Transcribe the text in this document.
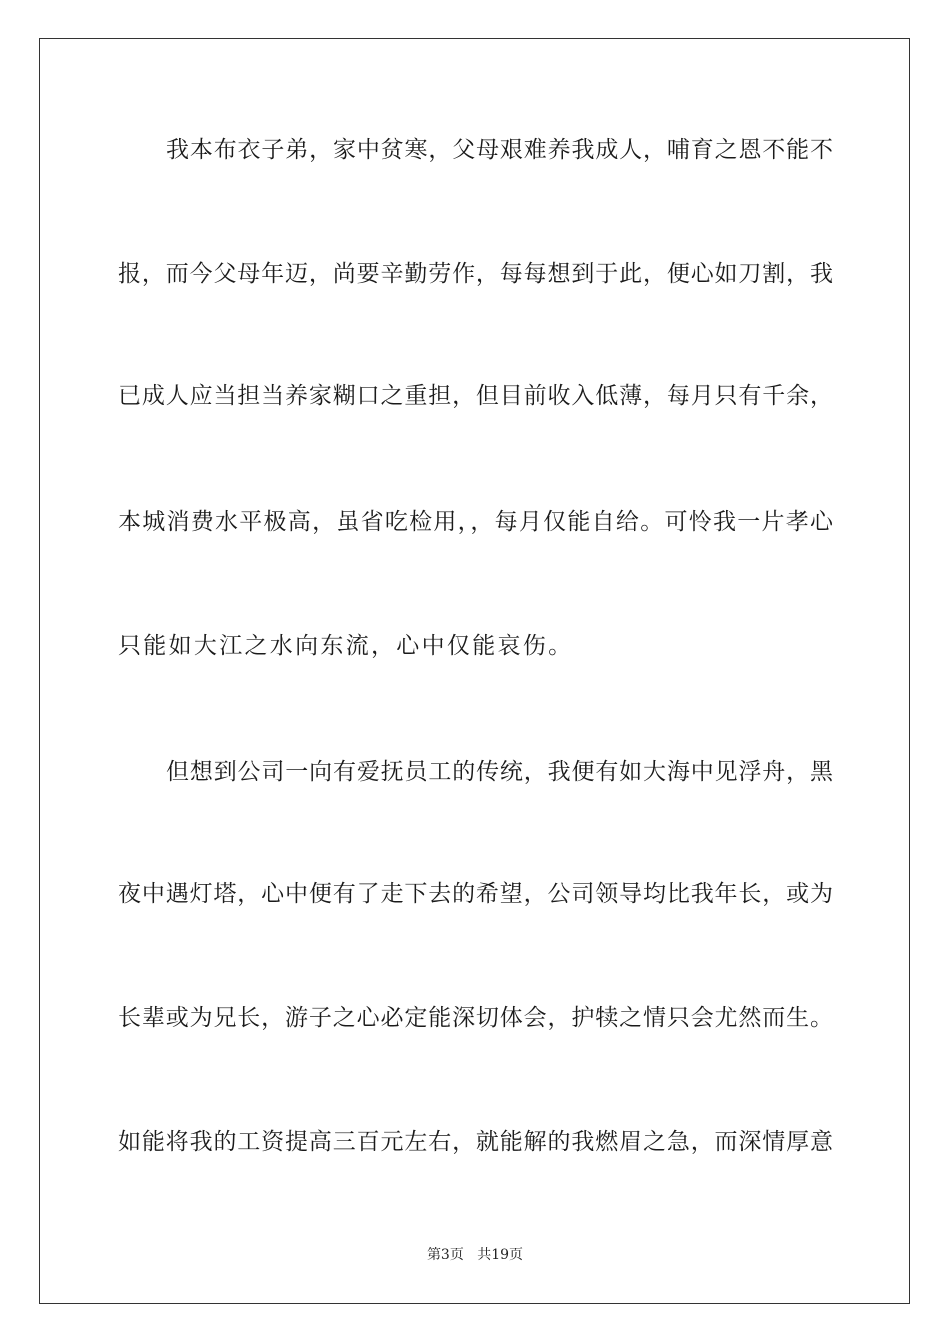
我本布衣子弟，家中贫寒，父母艰难养我成人，哺育之恩不能不
报，而今父母年迈，尚要辛勤劳作，每每想到于此，便心如刀割，我
已成人应当担当养家糊口之重担，但目前收入低薄，每月只有千余，
本城消费水平极高，虽省吃检用，，每月仅能自给。可怜我一片孝心
只能如大江之水向东流，心中仅能哀伤。
但想到公司一向有爱抚员工的传统，我便有如大海中见浮舟，黑
夜中遇灯塔，心中便有了走下去的希望，公司领导均比我年长，或为
长辈或为兄长，游子之心必定能深切体会，护犊之情只会尤然而生。
如能将我的工资提高三百元左右，就能解的我燃眉之急，而深情厚意
第3页 共19页
